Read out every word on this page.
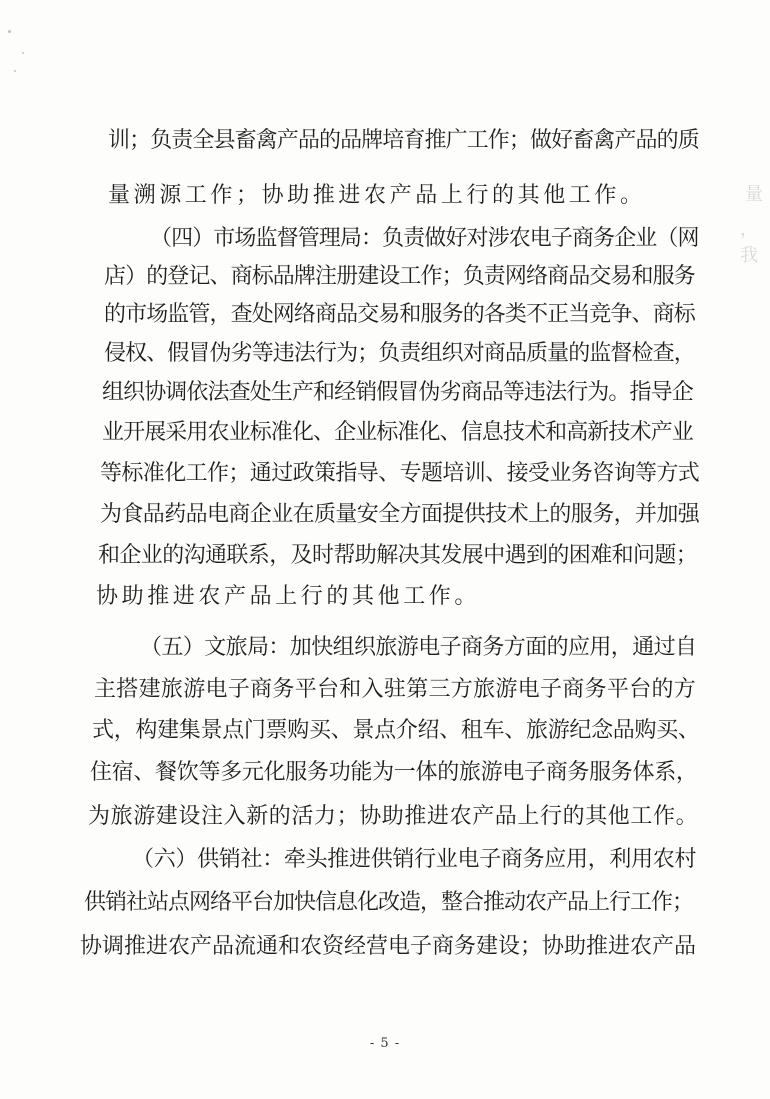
量
，我
训；负责全县畜禽产品的品牌培育推广工作；做好畜禽产品的质
量溯源工作；协助推进农产品上行的其他工作。
（四）市场监督管理局：负责做好对涉农电子商务企业（网
店）的登记、商标品牌注册建设工作；负责网络商品交易和服务
的市场监管，查处网络商品交易和服务的各类不正当竞争、商标
侵权、假冒伪劣等违法行为；负责组织对商品质量的监督检查，
组织协调依法查处生产和经销假冒伪劣商品等违法行为。指导企
业开展采用农业标准化、企业标准化、信息技术和高新技术产业
等标准化工作；通过政策指导、专题培训、接受业务咨询等方式
为食品药品电商企业在质量安全方面提供技术上的服务，并加强
和企业的沟通联系，及时帮助解决其发展中遇到的困难和问题；
协助推进农产品上行的其他工作。
（五）文旅局：加快组织旅游电子商务方面的应用，通过自
主搭建旅游电子商务平台和入驻第三方旅游电子商务平台的方
式，构建集景点门票购买、景点介绍、租车、旅游纪念品购买、
住宿、餐饮等多元化服务功能为一体的旅游电子商务服务体系，
为旅游建设注入新的活力；协助推进农产品上行的其他工作。
（六）供销社：牵头推进供销行业电子商务应用，利用农村
供销社站点网络平台加快信息化改造，整合推动农产品上行工作；
协调推进农产品流通和农资经营电子商务建设；协助推进农产品
- 5 -
